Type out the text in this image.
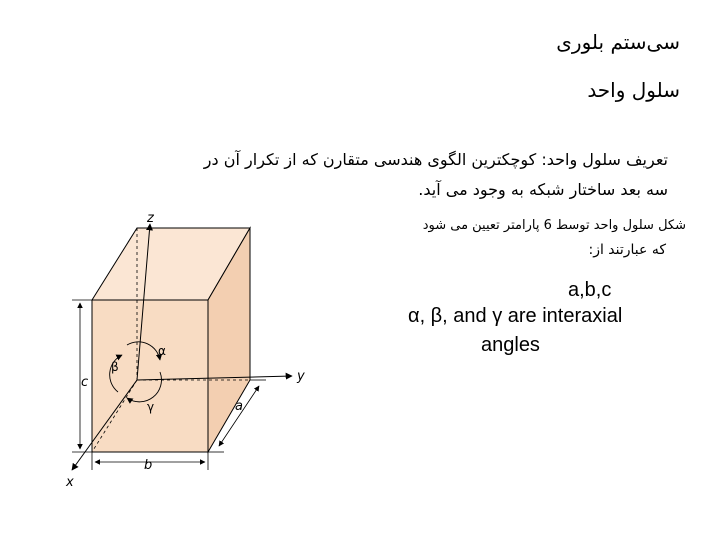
سی‌ستم بلوری
سلول واحد
تعریف سلول واحد: کوچکترین الگوی هندسی متقارن که از تکرار آن در
سه بعد ساختار شبکه به وجود می آید.
شکل سلول واحد توسط 6 پارامتر تعیین می شود
که عبارتند از:
a,b,c
α, β, and γ are interaxial
angles
z
y
x
c
b
a
α
β
γ
